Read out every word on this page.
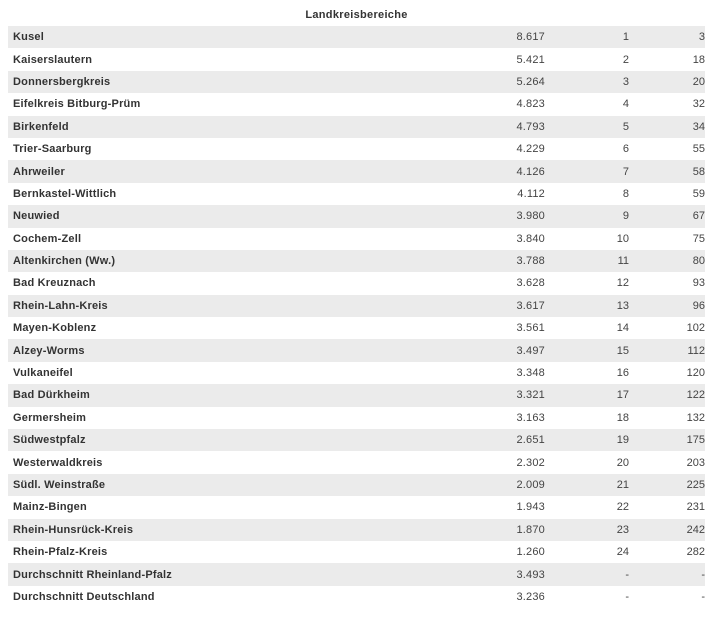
Landkreisbereiche
Kusel	8.617	1	3
Kaiserslautern	5.421	2	18
Donnersbergkreis	5.264	3	20
Eifelkreis Bitburg-Prüm	4.823	4	32
Birkenfeld	4.793	5	34
Trier-Saarburg	4.229	6	55
Ahrweiler	4.126	7	58
Bernkastel-Wittlich	4.112	8	59
Neuwied	3.980	9	67
Cochem-Zell	3.840	10	75
Altenkirchen (Ww.)	3.788	11	80
Bad Kreuznach	3.628	12	93
Rhein-Lahn-Kreis	3.617	13	96
Mayen-Koblenz	3.561	14	102
Alzey-Worms	3.497	15	112
Vulkaneifel	3.348	16	120
Bad Dürkheim	3.321	17	122
Germersheim	3.163	18	132
Südwestpfalz	2.651	19	175
Westerwaldkreis	2.302	20	203
Südl. Weinstraße	2.009	21	225
Mainz-Bingen	1.943	22	231
Rhein-Hunsrück-Kreis	1.870	23	242
Rhein-Pfalz-Kreis	1.260	24	282
Durchschnitt Rheinland-Pfalz	3.493	-	-
Durchschnitt Deutschland	3.236	-	-
